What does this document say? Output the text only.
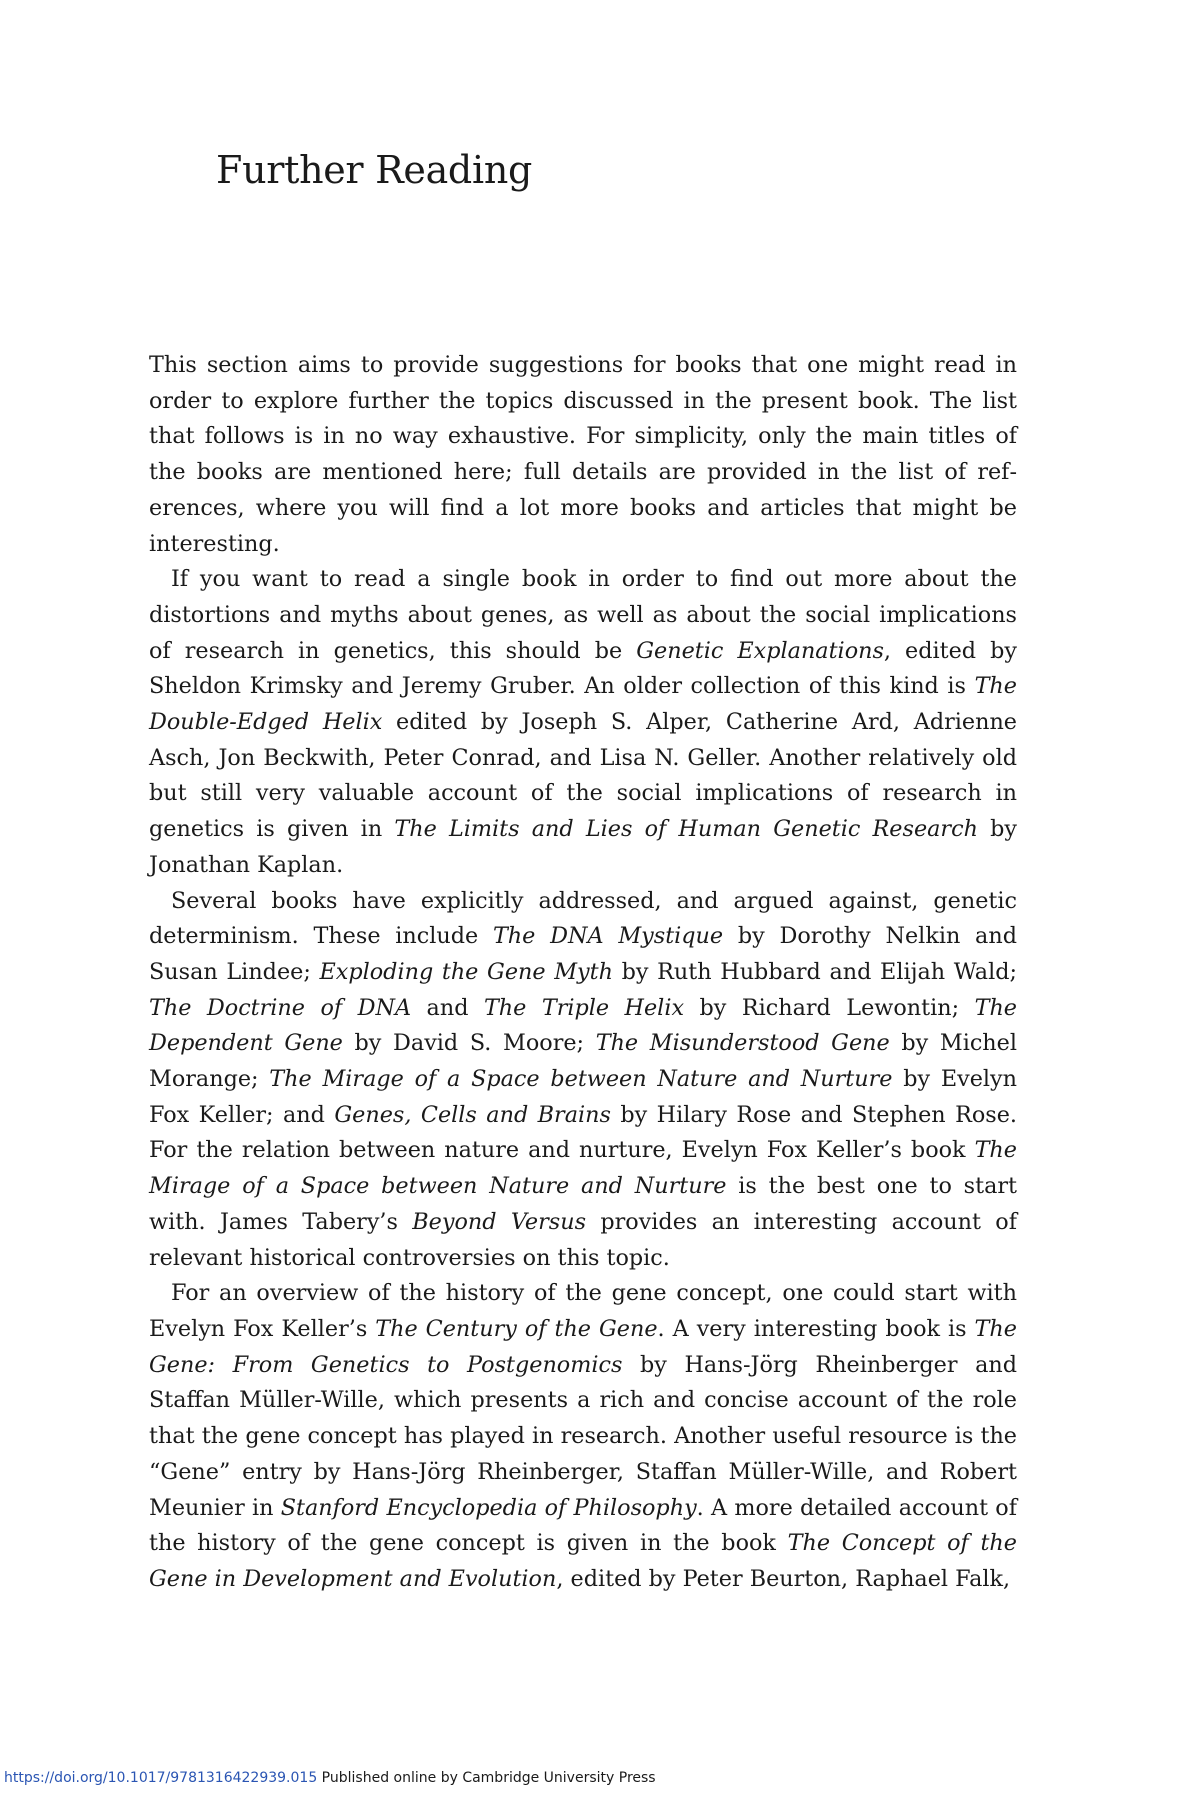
Further Reading

This section aims to provide suggestions for books that one might read in order to explore further the topics discussed in the present book. The list that follows is in no way exhaustive. For simplicity, only the main titles of the books are mentioned here; full details are provided in the list of references, where you will find a lot more books and articles that might be interesting.

If you want to read a single book in order to find out more about the distortions and myths about genes, as well as about the social implications of research in genetics, this should be Genetic Explanations, edited by Sheldon Krimsky and Jeremy Gruber. An older collection of this kind is The Double-Edged Helix edited by Joseph S. Alper, Catherine Ard, Adrienne Asch, Jon Beckwith, Peter Conrad, and Lisa N. Geller. Another relatively old but still very valuable account of the social implications of research in genetics is given in The Limits and Lies of Human Genetic Research by Jonathan Kaplan.

Several books have explicitly addressed, and argued against, genetic determinism. These include The DNA Mystique by Dorothy Nelkin and Susan Lindee; Exploding the Gene Myth by Ruth Hubbard and Elijah Wald; The Doctrine of DNA and The Triple Helix by Richard Lewontin; The Dependent Gene by David S. Moore; The Misunderstood Gene by Michel Morange; The Mirage of a Space between Nature and Nurture by Evelyn Fox Keller; and Genes, Cells and Brains by Hilary Rose and Stephen Rose. For the relation between nature and nurture, Evelyn Fox Keller’s book The Mirage of a Space between Nature and Nurture is the best one to start with. James Tabery’s Beyond Versus provides an interesting account of relevant historical controversies on this topic.

For an overview of the history of the gene concept, one could start with Evelyn Fox Keller’s The Century of the Gene. A very interesting book is The Gene: From Genetics to Postgenomics by Hans-Jörg Rheinberger and Staffan Müller-Wille, which presents a rich and concise account of the role that the gene concept has played in research. Another useful resource is the “Gene” entry by Hans-Jörg Rheinberger, Staffan Müller-Wille, and Robert Meunier in Stanford Encyclopedia of Philosophy. A more detailed account of the history of the gene concept is given in the book The Concept of the Gene in Development and Evolution, edited by Peter Beurton, Raphael Falk,

https://doi.org/10.1017/9781316422939.015 Published online by Cambridge University Press
